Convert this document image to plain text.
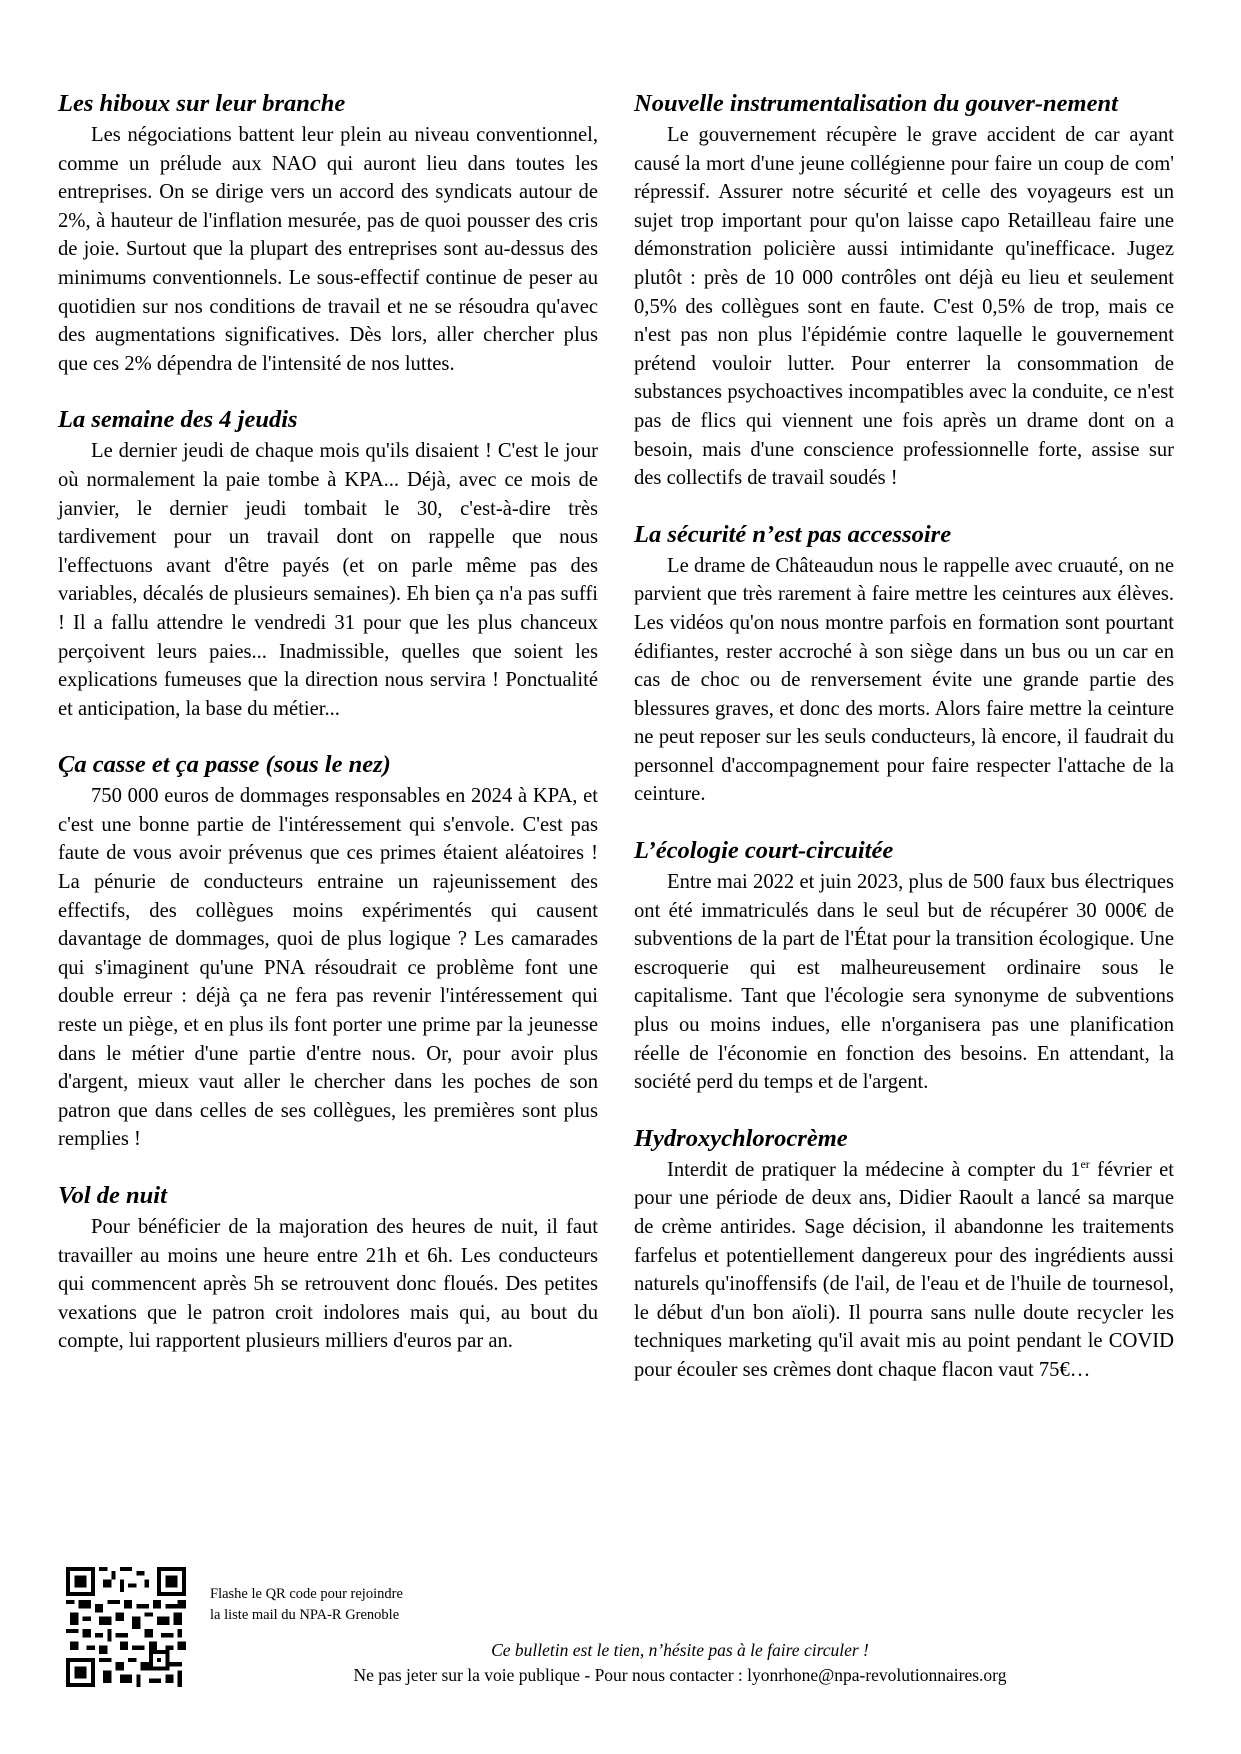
Les hiboux sur leur branche

Les négociations battent leur plein au niveau conventionnel, comme un prélude aux NAO qui auront lieu dans toutes les entreprises. On se dirige vers un accord des syndicats autour de 2%, à hauteur de l'inflation mesurée, pas de quoi pousser des cris de joie. Surtout que la plupart des entreprises sont au-dessus des minimums conventionnels. Le sous-effectif continue de peser au quotidien sur nos conditions de travail et ne se résoudra qu'avec des augmentations significatives. Dès lors, aller chercher plus que ces 2% dépendra de l'intensité de nos luttes.

La semaine des 4 jeudis

Le dernier jeudi de chaque mois qu'ils disaient ! C'est le jour où normalement la paie tombe à KPA... Déjà, avec ce mois de janvier, le dernier jeudi tombait le 30, c'est-à-dire très tardivement pour un travail dont on rappelle que nous l'effectuons avant d'être payés (et on parle même pas des variables, décalés de plusieurs semaines). Eh bien ça n'a pas suffi ! Il a fallu attendre le vendredi 31 pour que les plus chanceux perçoivent leurs paies... Inadmissible, quelles que soient les explications fumeuses que la direction nous servira ! Ponctualité et anticipation, la base du métier...

Ça casse et ça passe (sous le nez)

750 000 euros de dommages responsables en 2024 à KPA, et c'est une bonne partie de l'intéressement qui s'envole. C'est pas faute de vous avoir prévenus que ces primes étaient aléatoires ! La pénurie de conducteurs entraine un rajeunissement des effectifs, des collègues moins expérimentés qui causent davantage de dommages, quoi de plus logique ? Les camarades qui s'imaginent qu'une PNA résoudrait ce problème font une double erreur : déjà ça ne fera pas revenir l'intéressement qui reste un piège, et en plus ils font porter une prime par la jeunesse dans le métier d'une partie d'entre nous. Or, pour avoir plus d'argent, mieux vaut aller le chercher dans les poches de son patron que dans celles de ses collègues, les premières sont plus remplies !

Vol de nuit

Pour bénéficier de la majoration des heures de nuit, il faut travailler au moins une heure entre 21h et 6h. Les conducteurs qui commencent après 5h se retrouvent donc floués. Des petites vexations que le patron croit indolores mais qui, au bout du compte, lui rapportent plusieurs milliers d'euros par an.

Nouvelle instrumentalisation du gouver-nement

Le gouvernement récupère le grave accident de car ayant causé la mort d'une jeune collégienne pour faire un coup de com' répressif. Assurer notre sécurité et celle des voyageurs est un sujet trop important pour qu'on laisse capo Retailleau faire une démonstration policière aussi intimidante qu'inefficace. Jugez plutôt : près de 10 000 contrôles ont déjà eu lieu et seulement 0,5% des collègues sont en faute. C'est 0,5% de trop, mais ce n'est pas non plus l'épidémie contre laquelle le gouvernement prétend vouloir lutter. Pour enterrer la consommation de substances psychoactives incompatibles avec la conduite, ce n'est pas de flics qui viennent une fois après un drame dont on a besoin, mais d'une conscience professionnelle forte, assise sur des collectifs de travail soudés !

La sécurité n’est pas accessoire

Le drame de Châteaudun nous le rappelle avec cruauté, on ne parvient que très rarement à faire mettre les ceintures aux élèves. Les vidéos qu'on nous montre parfois en formation sont pourtant édifiantes, rester accroché à son siège dans un bus ou un car en cas de choc ou de renversement évite une grande partie des blessures graves, et donc des morts. Alors faire mettre la ceinture ne peut reposer sur les seuls conducteurs, là encore, il faudrait du personnel d'accompagnement pour faire respecter l'attache de la ceinture.

L’écologie court-circuitée

Entre mai 2022 et juin 2023, plus de 500 faux bus électriques ont été immatriculés dans le seul but de récupérer 30 000€ de subventions de la part de l'État pour la transition écologique. Une escroquerie qui est malheureusement ordinaire sous le capitalisme. Tant que l'écologie sera synonyme de subventions plus ou moins indues, elle n'organisera pas une planification réelle de l'économie en fonction des besoins. En attendant, la société perd du temps et de l'argent.

Hydroxychlorocrème

Interdit de pratiquer la médecine à compter du 1er février et pour une période de deux ans, Didier Raoult a lancé sa marque de crème antirides. Sage décision, il abandonne les traitements farfelus et potentiellement dangereux pour des ingrédients aussi naturels qu'inoffensifs (de l'ail, de l'eau et de l'huile de tournesol, le début d'un bon aïoli). Il pourra sans nulle doute recycler les techniques marketing qu'il avait mis au point pendant le COVID pour écouler ses crèmes dont chaque flacon vaut 75€…

Flashe le QR code pour rejoindre
la liste mail du NPA-R Grenoble
Ce bulletin est le tien, n’hésite pas à le faire circuler !
Ne pas jeter sur la voie publique - Pour nous contacter : lyonrhone@npa-revolutionnaires.org
